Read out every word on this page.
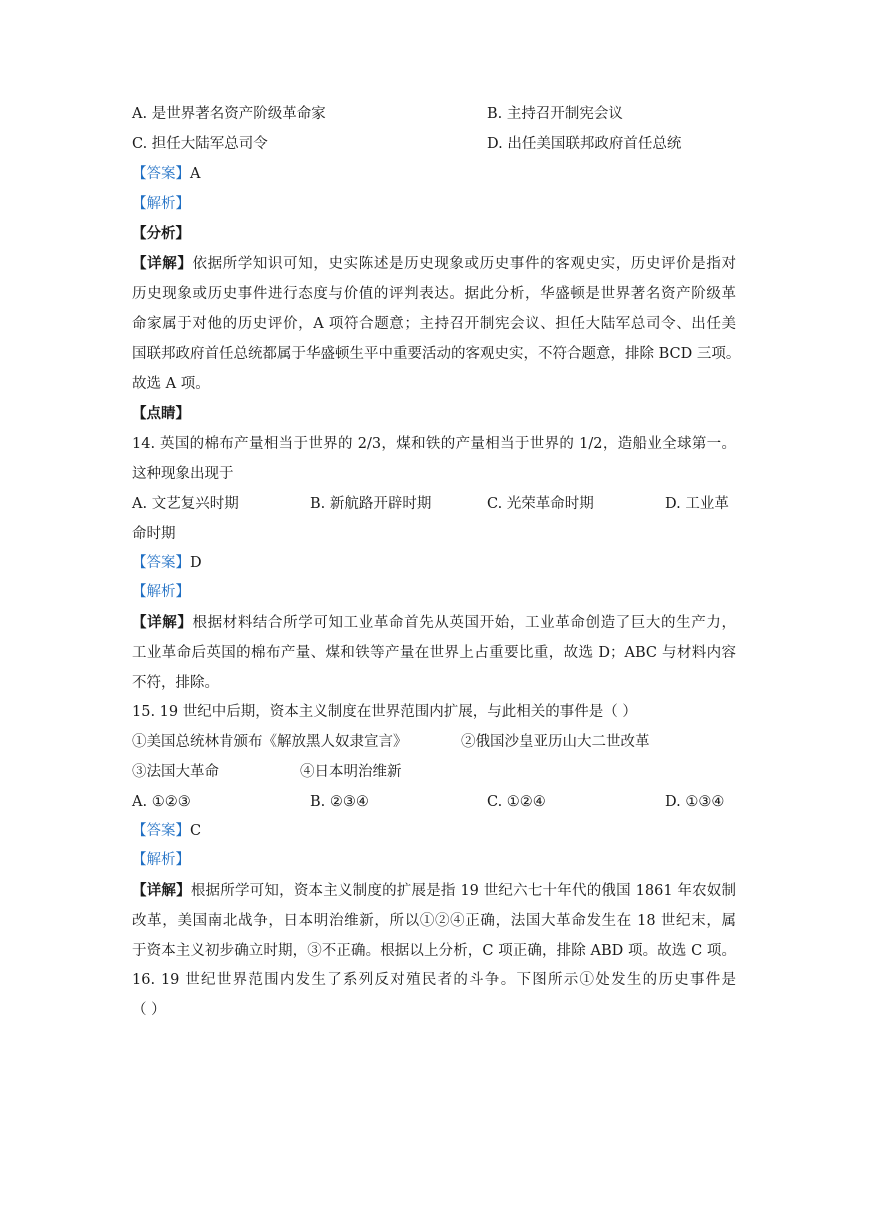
A. 是世界著名资产阶级革命家	B. 主持召开制宪会议
C. 担任大陆军总司令	D. 出任美国联邦政府首任总统
【答案】A
【解析】
【分析】
【详解】依据所学知识可知，史实陈述是历史现象或历史事件的客观史实，历史评价是指对
历史现象或历史事件进行态度与价值的评判表达。据此分析，华盛顿是世界著名资产阶级革
命家属于对他的历史评价，A 项符合题意；主持召开制宪会议、担任大陆军总司令、出任美
国联邦政府首任总统都属于华盛顿生平中重要活动的客观史实，不符合题意，排除 BCD 三项。
故选 A 项。
【点睛】
14. 英国的棉布产量相当于世界的 2/3，煤和铁的产量相当于世界的 1/2，造船业全球第一。
这种现象出现于
A. 文艺复兴时期	B. 新航路开辟时期	C. 光荣革命时期	D. 工业革
命时期
【答案】D
【解析】
【详解】根据材料结合所学可知工业革命首先从英国开始，工业革命创造了巨大的生产力，
工业革命后英国的棉布产量、煤和铁等产量在世界上占重要比重，故选 D；ABC 与材料内容
不符，排除。
15. 19 世纪中后期，资本主义制度在世界范围内扩展，与此相关的事件是（ ）
①美国总统林肯颁布《解放黑人奴隶宣言》	②俄国沙皇亚历山大二世改革
③法国大革命	④日本明治维新
A. ①②③	B. ②③④	C. ①②④	D. ①③④
【答案】C
【解析】
【详解】根据所学可知，资本主义制度的扩展是指 19 世纪六七十年代的俄国 1861 年农奴制
改革，美国南北战争，日本明治维新，所以①②④正确，法国大革命发生在 18 世纪末，属
于资本主义初步确立时期，③不正确。根据以上分析，C 项正确，排除 ABD 项。故选 C 项。
16. 19 世纪世界范围内发生了系列反对殖民者的斗争。下图所示①处发生的历史事件是
（ ）
